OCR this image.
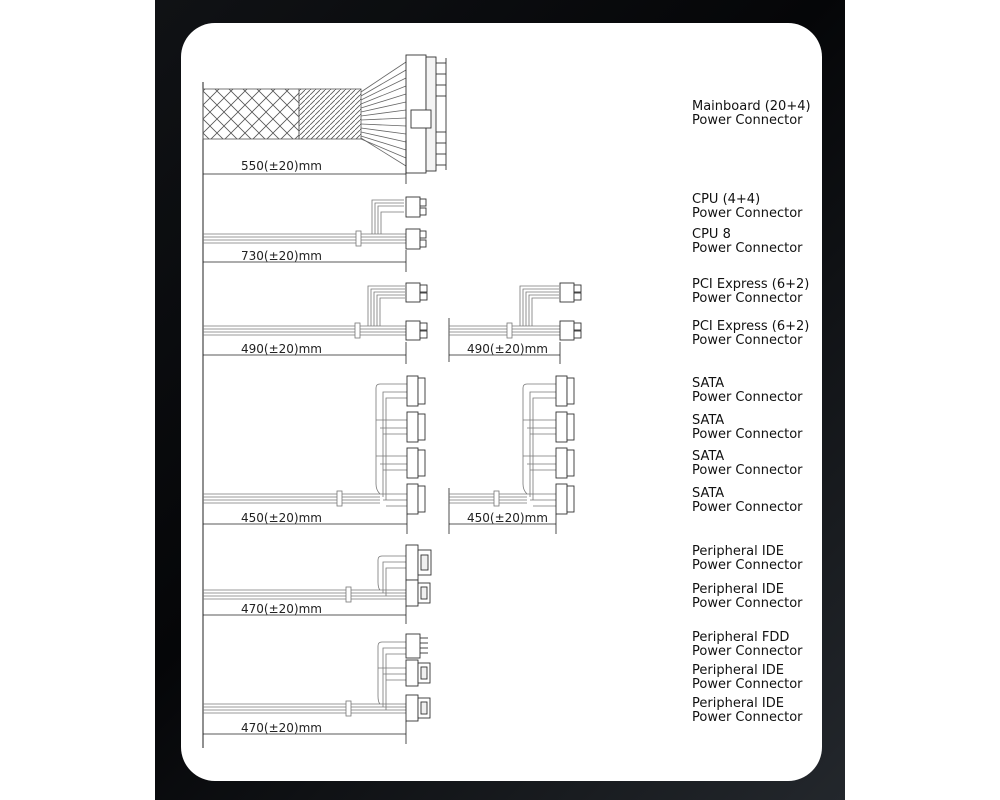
550(±20)mm
730(±20)mm
490(±20)mm	490(±20)mm
450(±20)mm	450(±20)mm
470(±20)mm
470(±20)mm
Mainboard (20+4)
Power Connector
CPU (4+4)
Power Connector
CPU 8
Power Connector
PCI Express (6+2)
Power Connector
PCI Express (6+2)
Power Connector
SATA
Power Connector
SATA
Power Connector
SATA
Power Connector
SATA
Power Connector
Peripheral IDE
Power Connector
Peripheral IDE
Power Connector
Peripheral FDD
Power Connector
Peripheral IDE
Power Connector
Peripheral IDE
Power Connector
